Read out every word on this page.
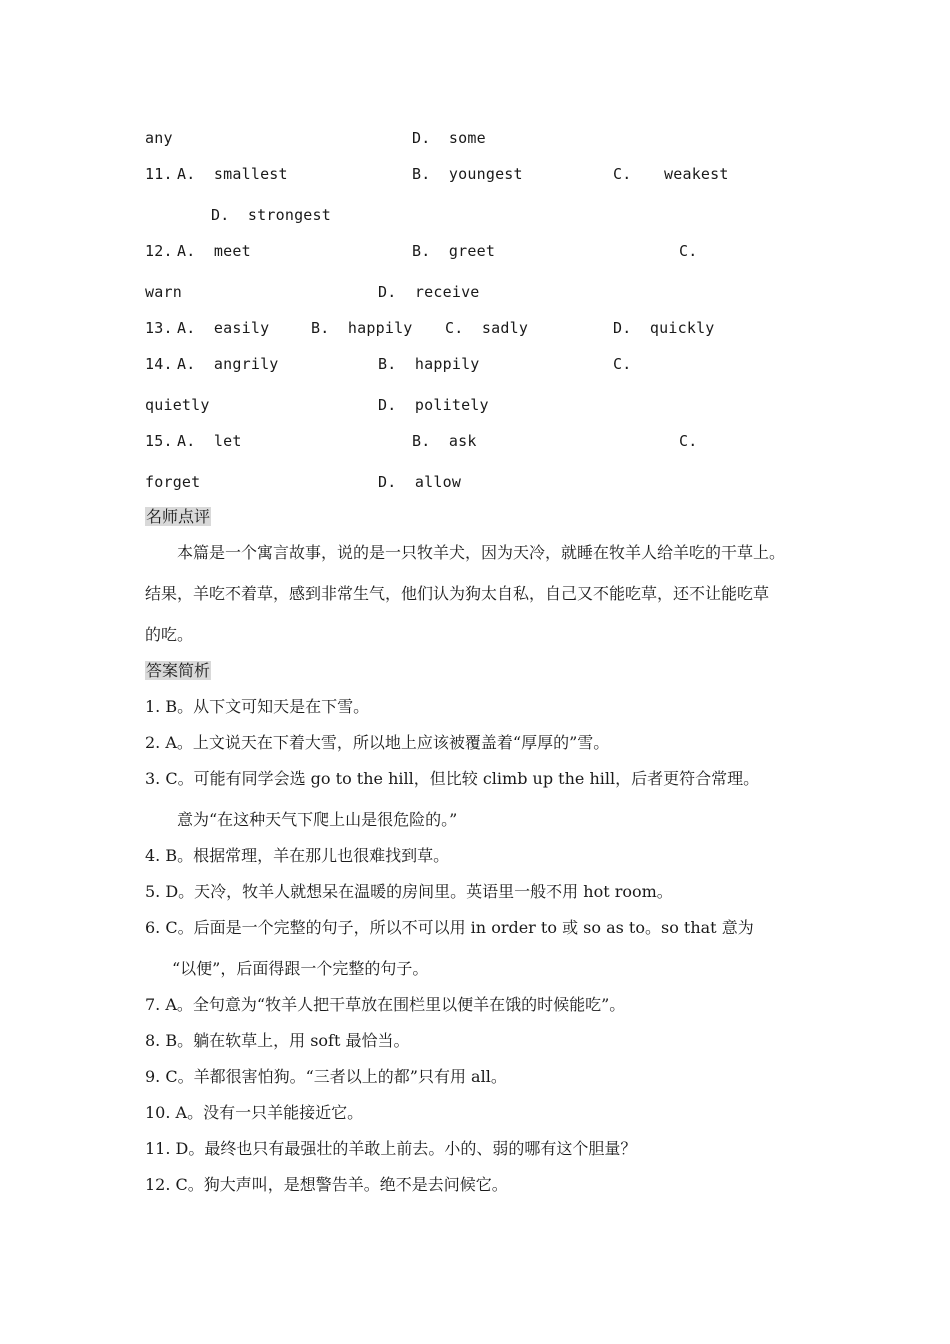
any	D.  some
11. A.  smallest	B.  youngest	C. weakest
D.  strongest
12. A.  meet	B.  greet	C.
warn	D.  receive
13. A.  easily	B.  happily C.  sadly	D.  quickly
14. A.  angrily	B.  happily	C.
quietly	D.  politely
15. A.  let	B.  ask	C.
forget	D.  allow
名师点评
本篇是一个寓言故事，说的是一只牧羊犬，因为天冷，就睡在牧羊人给羊吃的干草上。
结果，羊吃不着草，感到非常生气，他们认为狗太自私，自己又不能吃草，还不让能吃草
的吃。
答案简析
1. B。从下文可知天是在下雪。
2. A。上文说天在下着大雪，所以地上应该被覆盖着“厚厚的”雪。
3. C。可能有同学会选 go to the hill，但比较 climb up the hill，后者更符合常理。
意为“在这种天气下爬上山是很危险的。”
4. B。根据常理，羊在那儿也很难找到草。
5. D。天冷，牧羊人就想呆在温暖的房间里。英语里一般不用 hot room。
6. C。后面是一个完整的句子，所以不可以用 in order to 或 so as to。so that 意为
“以便”，后面得跟一个完整的句子。
7. A。全句意为“牧羊人把干草放在围栏里以便羊在饿的时候能吃”。
8. B。躺在软草上，用 soft 最恰当。
9. C。羊都很害怕狗。“三者以上的都”只有用 all。
10. A。没有一只羊能接近它。
11. D。最终也只有最强壮的羊敢上前去。小的、弱的哪有这个胆量？
12. C。狗大声叫，是想警告羊。绝不是去问候它。
